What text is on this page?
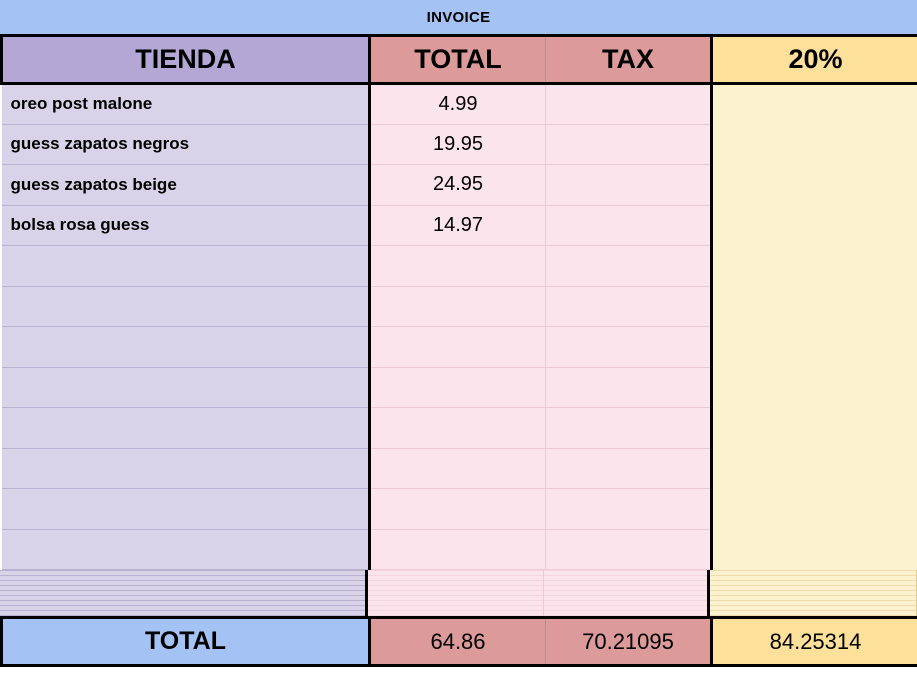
INVOICE
TIENDA	TOTAL	TAX	20%
oreo post malone	4.99		
guess zapatos negros	19.95		
guess zapatos beige	24.95		
bolsa rosa guess	14.97		

TOTAL	64.86	70.21095	84.25314
